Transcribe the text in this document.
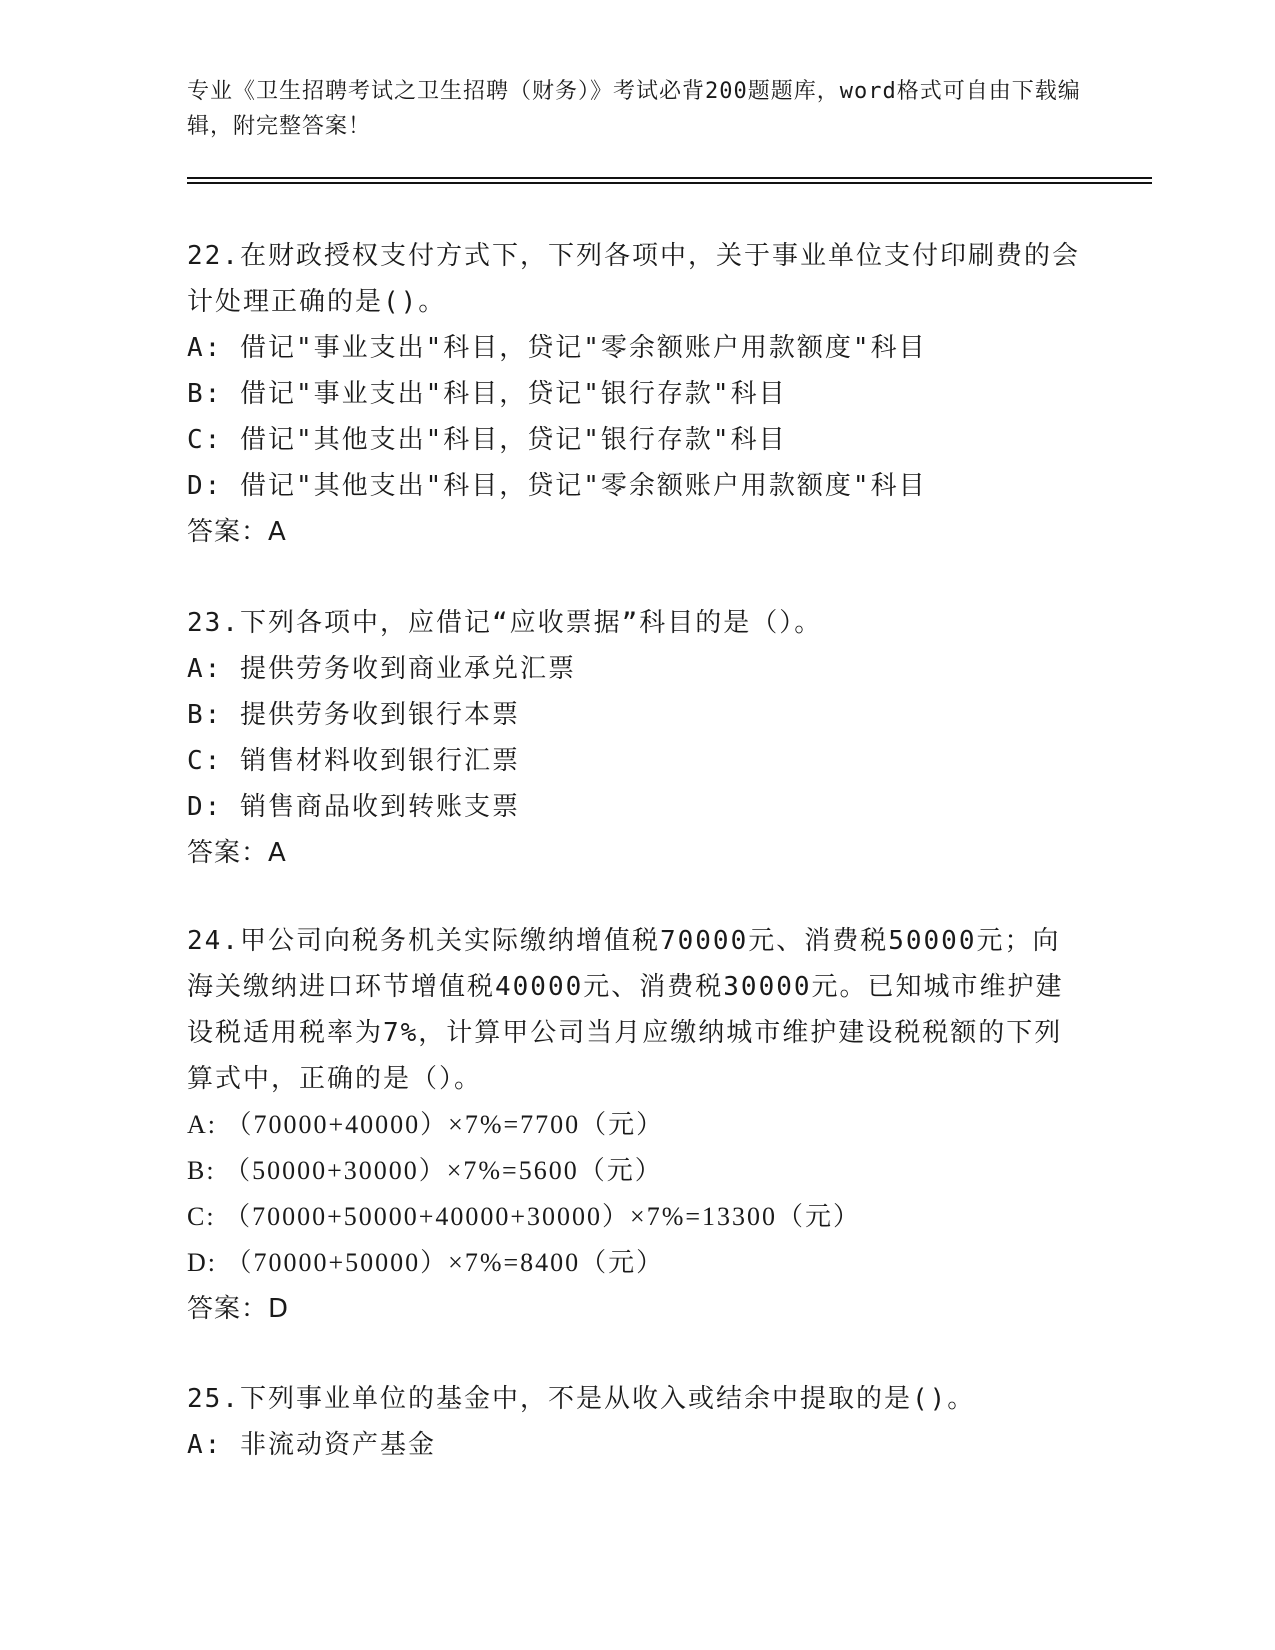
专业《卫生招聘考试之卫生招聘（财务）》考试必背200题题库，word格式可自由下载编辑，附完整答案！

22.在财政授权支付方式下，下列各项中，关于事业单位支付印刷费的会计处理正确的是()。

A: 借记"事业支出"科目，贷记"零余额账户用款额度"科目

B: 借记"事业支出"科目，贷记"银行存款"科目

C: 借记"其他支出"科目，贷记"银行存款"科目

D: 借记"其他支出"科目，贷记"零余额账户用款额度"科目

答案：A

23.下列各项中，应借记“应收票据”科目的是（）。

A: 提供劳务收到商业承兑汇票

B: 提供劳务收到银行本票

C: 销售材料收到银行汇票

D: 销售商品收到转账支票

答案：A

24.甲公司向税务机关实际缴纳增值税70000元、消费税50000元；向海关缴纳进口环节增值税40000元、消费税30000元。已知城市维护建设税适用税率为7%，计算甲公司当月应缴纳城市维护建设税税额的下列算式中，正确的是（）。

A: （70000+40000）×7%=7700（元）

B: （50000+30000）×7%=5600（元）

C: （70000+50000+40000+30000）×7%=13300（元）

D: （70000+50000）×7%=8400（元）

答案：D

25.下列事业单位的基金中，不是从收入或结余中提取的是()。

A: 非流动资产基金
